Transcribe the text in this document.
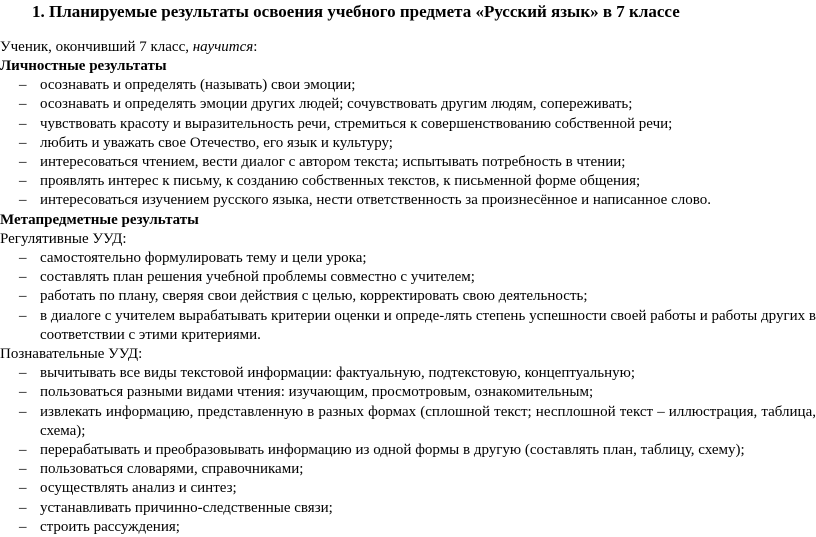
1. Планируемые результаты освоения учебного предмета «Русский язык» в 7 классе
Ученик, окончивший 7 класс, научится:
Личностные результаты
– осознавать и определять (называть) свои эмоции;
– осознавать и определять эмоции других людей; сочувствовать другим людям, сопереживать;
– чувствовать красоту и выразительность речи, стремиться к совершенствованию собственной речи;
– любить и уважать свое Отечество, его язык и культуру;
– интересоваться чтением, вести диалог с автором текста; испытывать потребность в чтении;
– проявлять интерес к письму, к созданию собственных текстов, к письменной форме общения;
– интересоваться изучением русского языка, нести ответственность за произнесённое и написанное слово.
Метапредметные результаты
Регулятивные УУД:
– самостоятельно формулировать тему и цели урока;
– составлять план решения учебной проблемы совместно с учителем;
– работать по плану, сверяя свои действия с целью, корректировать свою деятельность;
– в диалоге с учителем вырабатывать критерии оценки и опреде-лять степень успешности своей работы и работы других в соответствии с этими критериями.
Познавательные УУД:
– вычитывать все виды текстовой информации: фактуальную, подтекстовую, концептуальную;
– пользоваться разными видами чтения: изучающим, просмотровым, ознакомительным;
– извлекать информацию, представленную в разных формах (сплошной текст; несплошной текст – иллюстрация, таблица, схема);
– перерабатывать и преобразовывать информацию из одной формы в другую (составлять план, таблицу, схему);
– пользоваться словарями, справочниками;
– осуществлять анализ и синтез;
– устанавливать причинно-следственные связи;
– строить рассуждения;
